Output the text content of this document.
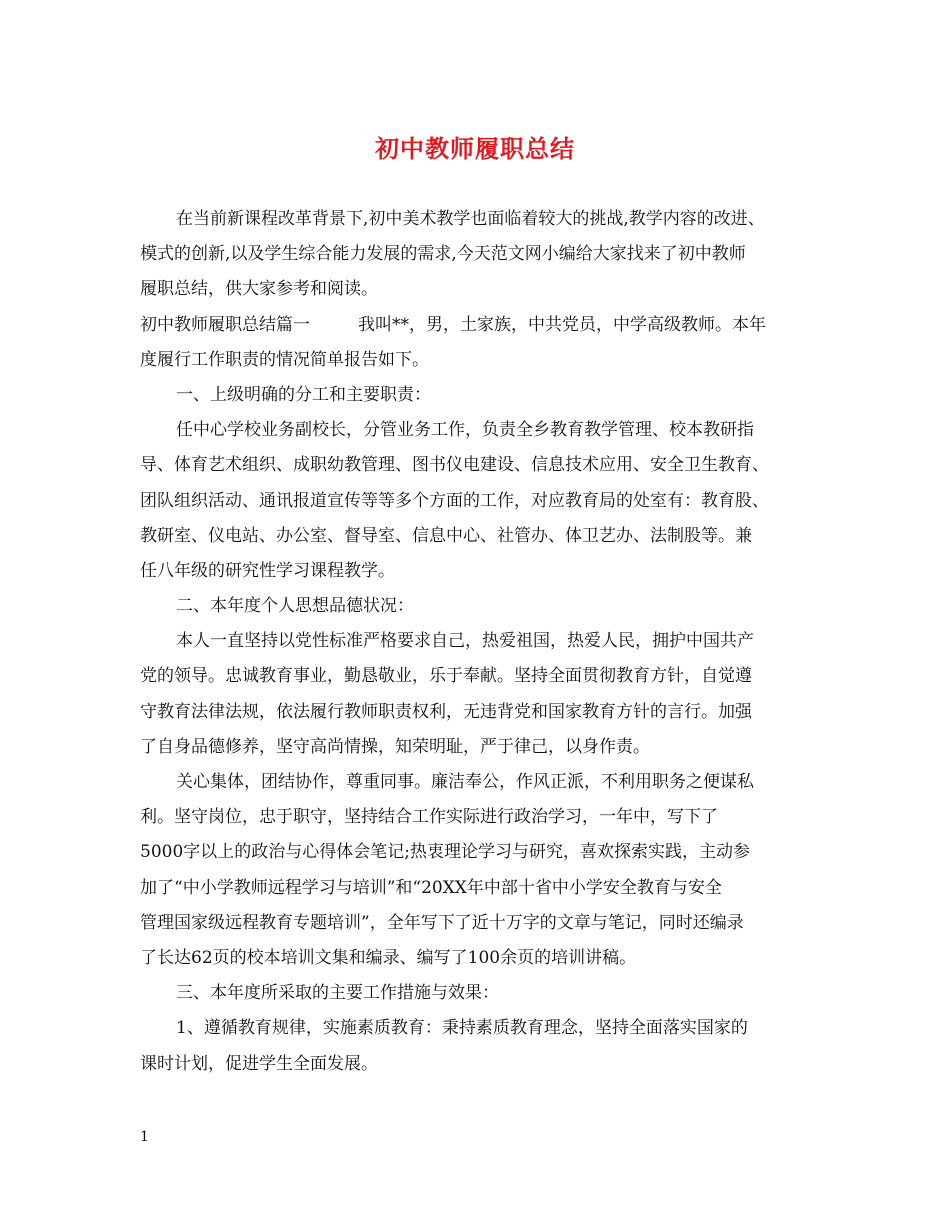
初中教师履职总结
在当前新课程改革背景下,初中美术教学也面临着较大的挑战,教学内容的改进、
模式的创新,以及学生综合能力发展的需求,今天范文网小编给大家找来了初中教师
履职总结，供大家参考和阅读。
初中教师履职总结篇一	我叫**，男，土家族，中共党员，中学高级教师。本年
度履行工作职责的情况简单报告如下。
一、上级明确的分工和主要职责：
任中心学校业务副校长，分管业务工作，负责全乡教育教学管理、校本教研指
导、体育艺术组织、成职幼教管理、图书仪电建设、信息技术应用、安全卫生教育、
团队组织活动、通讯报道宣传等等多个方面的工作，对应教育局的处室有：教育股、
教研室、仪电站、办公室、督导室、信息中心、社管办、体卫艺办、法制股等。兼
任八年级的研究性学习课程教学。
二、本年度个人思想品德状况：
本人一直坚持以党性标准严格要求自己，热爱祖国，热爱人民，拥护中国共产
党的领导。忠诚教育事业，勤恳敬业，乐于奉献。坚持全面贯彻教育方针，自觉遵
守教育法律法规，依法履行教师职责权利，无违背党和国家教育方针的言行。加强
了自身品德修养，坚守高尚情操，知荣明耻，严于律己，以身作责。
关心集体，团结协作，尊重同事。廉洁奉公，作风正派，不利用职务之便谋私
利。坚守岗位，忠于职守，坚持结合工作实际进行政治学习，一年中，写下了
5000字以上的政治与心得体会笔记;热衷理论学习与研究，喜欢探索实践，主动参
加了“中小学教师远程学习与培训”和“20XX年中部十省中小学安全教育与安全
管理国家级远程教育专题培训”，全年写下了近十万字的文章与笔记，同时还编录
了长达62页的校本培训文集和编录、编写了100余页的培训讲稿。
三、本年度所采取的主要工作措施与效果：
1、遵循教育规律，实施素质教育：秉持素质教育理念，坚持全面落实国家的
课时计划，促进学生全面发展。
1
